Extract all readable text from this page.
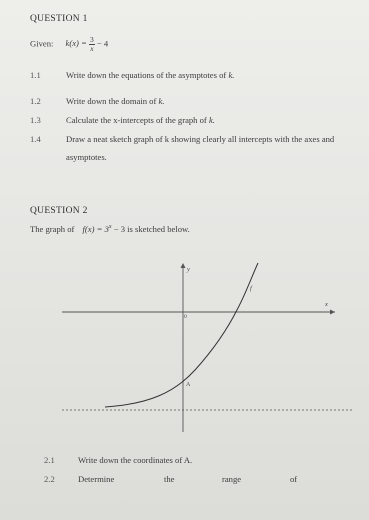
QUESTION 1
Given: $k(x) = \frac{3}{x} - 4$
1.1	Write down the equations of the asymptotes of k.
1.2	Write down the domain of k.
1.3	Calculate the x-intercepts of the graph of k.
1.4	Draw a neat sketch graph of k showing clearly all intercepts with the axes and
asymptotes.
QUESTION 2
The graph of $f(x) = 3^x - 3$ is sketched below.
y
x
0
f
A
2.1	Write down the coordinates of A.
2.2	Determine	the	range	of
